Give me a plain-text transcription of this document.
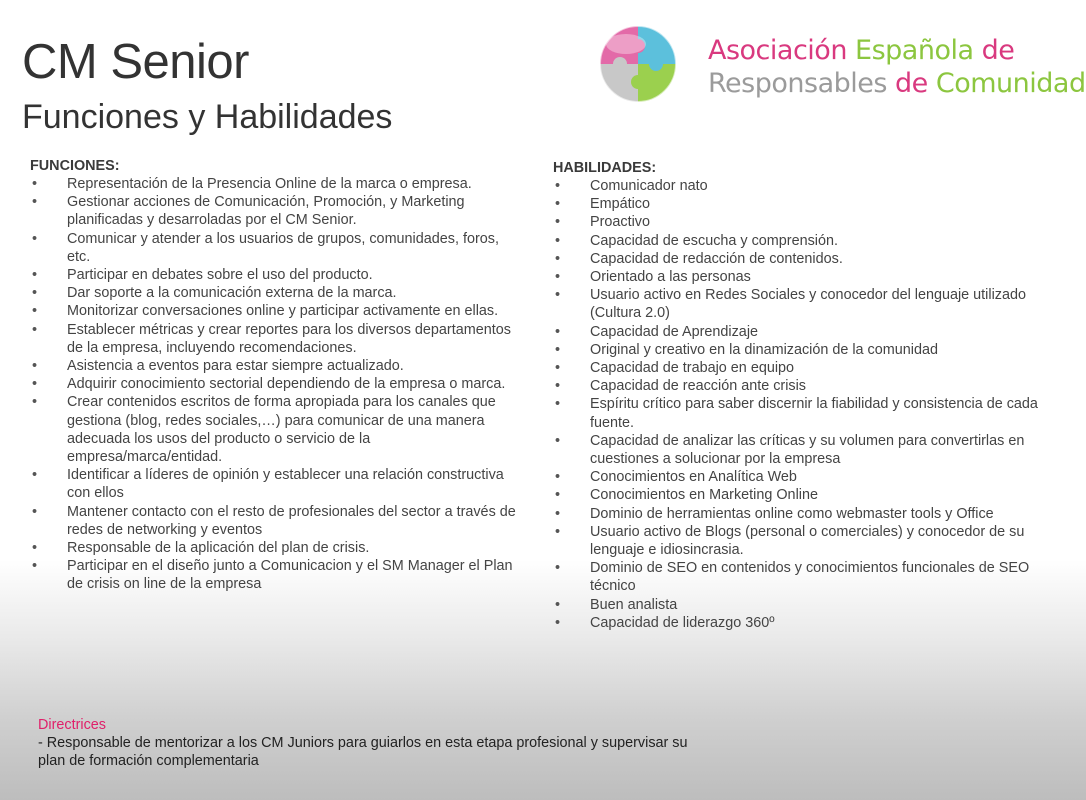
CM Senior
Funciones y Habilidades
Asociación Española de
Responsables de Comunidad
FUNCIONES:
• Representación de la Presencia Online de la marca o empresa.
• Gestionar acciones de Comunicación, Promoción, y Marketing planificadas y desarroladas por el CM Senior.
• Comunicar y atender a los usuarios de grupos, comunidades, foros, etc.
• Participar en debates sobre el uso del producto.
• Dar soporte a la comunicación externa de la marca.
• Monitorizar conversaciones online y participar activamente en ellas.
• Establecer métricas y crear reportes para los diversos departamentos de la empresa, incluyendo recomendaciones.
• Asistencia a eventos para estar siempre actualizado.
• Adquirir conocimiento sectorial dependiendo de la empresa o marca.
• Crear contenidos escritos de forma apropiada para los canales que gestiona (blog, redes sociales,…) para comunicar de una manera adecuada los usos del producto o servicio de la empresa/marca/entidad.
• Identificar a líderes de opinión y establecer una relación constructiva con ellos
• Mantener contacto con el resto de profesionales del sector a través de redes de networking y eventos
• Responsable de la aplicación del plan de crisis.
• Participar en el diseño junto a Comunicacion y el SM Manager el Plan de crisis on line de la empresa
HABILIDADES:
• Comunicador nato
• Empático
• Proactivo
• Capacidad de escucha y comprensión.
• Capacidad de redacción de contenidos.
• Orientado a las personas
• Usuario activo en Redes Sociales y conocedor del lenguaje utilizado (Cultura 2.0)
• Capacidad de Aprendizaje
• Original y creativo en la dinamización de la comunidad
• Capacidad de trabajo en equipo
• Capacidad de reacción ante crisis
• Espíritu crítico para saber discernir la fiabilidad y consistencia de cada fuente.
• Capacidad de analizar las críticas y su volumen para convertirlas en cuestiones a solucionar por la empresa
• Conocimientos en Analítica Web
• Conocimientos en Marketing Online
• Dominio de herramientas online como webmaster tools y Office
• Usuario activo de Blogs (personal o comerciales) y conocedor de su lenguaje e idiosincrasia.
• Dominio de SEO en contenidos y conocimientos funcionales de SEO técnico
• Buen analista
• Capacidad de liderazgo 360º
Directrices
- Responsable de mentorizar a los CM Juniors para guiarlos en esta etapa profesional y supervisar su plan de formación complementaria
